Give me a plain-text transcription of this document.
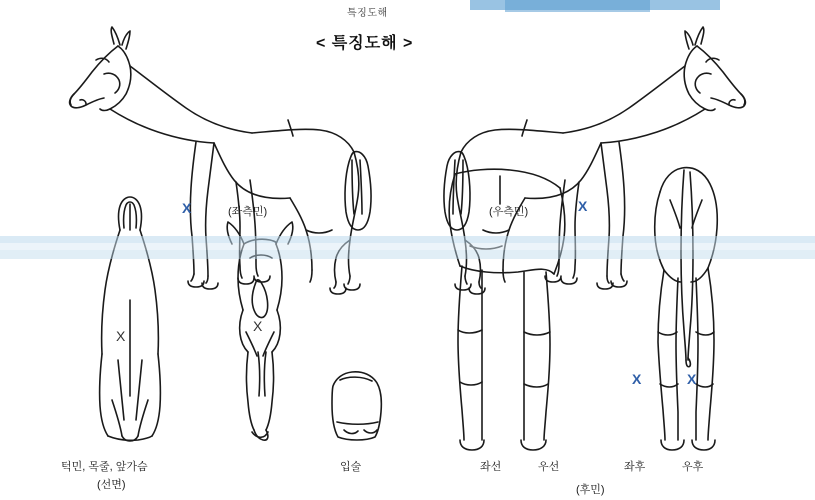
특징도해
< 특징도해 >
X	X
X
X
X	X
(좌측민)	(우측민)
턱민, 목줄, 앞가슴
(선면)
입술	좌선	우선	좌후	우후
(후민)
